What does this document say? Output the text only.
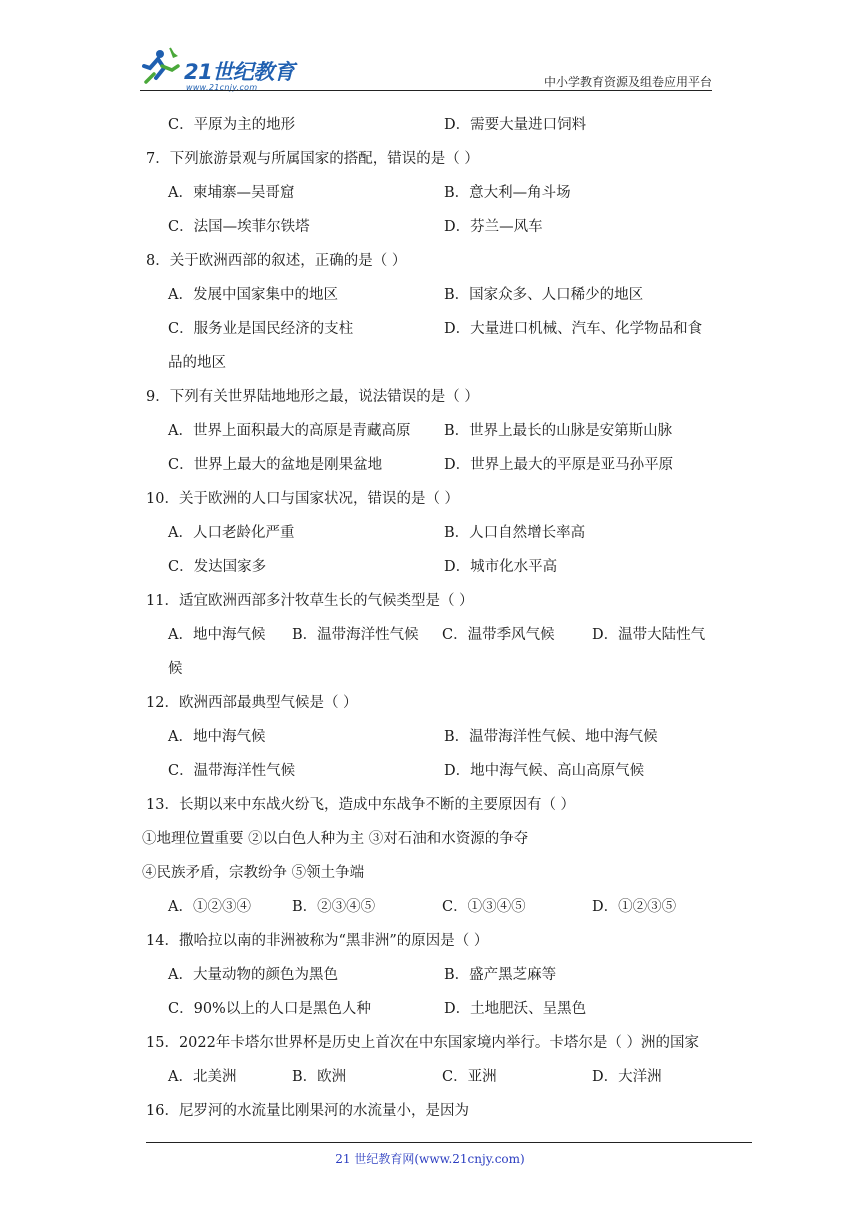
21世纪教育
www.21cnjy.com	中小学教育资源及组卷应用平台
C．平原为主的地形	D．需要大量进口饲料
7．下列旅游景观与所属国家的搭配，错误的是（ ）
A．柬埔寨—吴哥窟	B．意大利—角斗场
C．法国—埃菲尔铁塔	D．芬兰—风车
8．关于欧洲西部的叙述，正确的是（ ）
A．发展中国家集中的地区	B．国家众多、人口稀少的地区
C．服务业是国民经济的支柱	D．大量进口机械、汽车、化学物品和食
品的地区
9．下列有关世界陆地地形之最，说法错误的是（ ）
A．世界上面积最大的高原是青藏高原 B．世界上最长的山脉是安第斯山脉
C．世界上最大的盆地是刚果盆地	D．世界上最大的平原是亚马孙平原
10．关于欧洲的人口与国家状况，错误的是（ ）
A．人口老龄化严重	B．人口自然增长率高
C．发达国家多	D．城市化水平高
11．适宜欧洲西部多汁牧草生长的气候类型是（ ）
A．地中海气候 B．温带海洋性气候 C．温带季风气候	D．温带大陆性气
候
12．欧洲西部最典型气候是（ ）
A．地中海气候	B．温带海洋性气候、地中海气候
C．温带海洋性气候	D．地中海气候、高山高原气候
13．长期以来中东战火纷飞，造成中东战争不断的主要原因有（ ）
①地理位置重要 ②以白色人种为主 ③对石油和水资源的争夺
④民族矛盾，宗教纷争 ⑤领土争端
A．①②③④	B．②③④⑤	C．①③④⑤	D．①②③⑤
14．撒哈拉以南的非洲被称为“黑非洲”的原因是（ ）
A．大量动物的颜色为黑色	B．盛产黑芝麻等
C．90%以上的人口是黑色人种	D．土地肥沃、呈黑色
15．2022年卡塔尔世界杯是历史上首次在中东国家境内举行。卡塔尔是（ ）洲的国家
A．北美洲	B．欧洲	C．亚洲	D．大洋洲
16．尼罗河的水流量比刚果河的水流量小，是因为
21 世纪教育网(www.21cnjy.com)
